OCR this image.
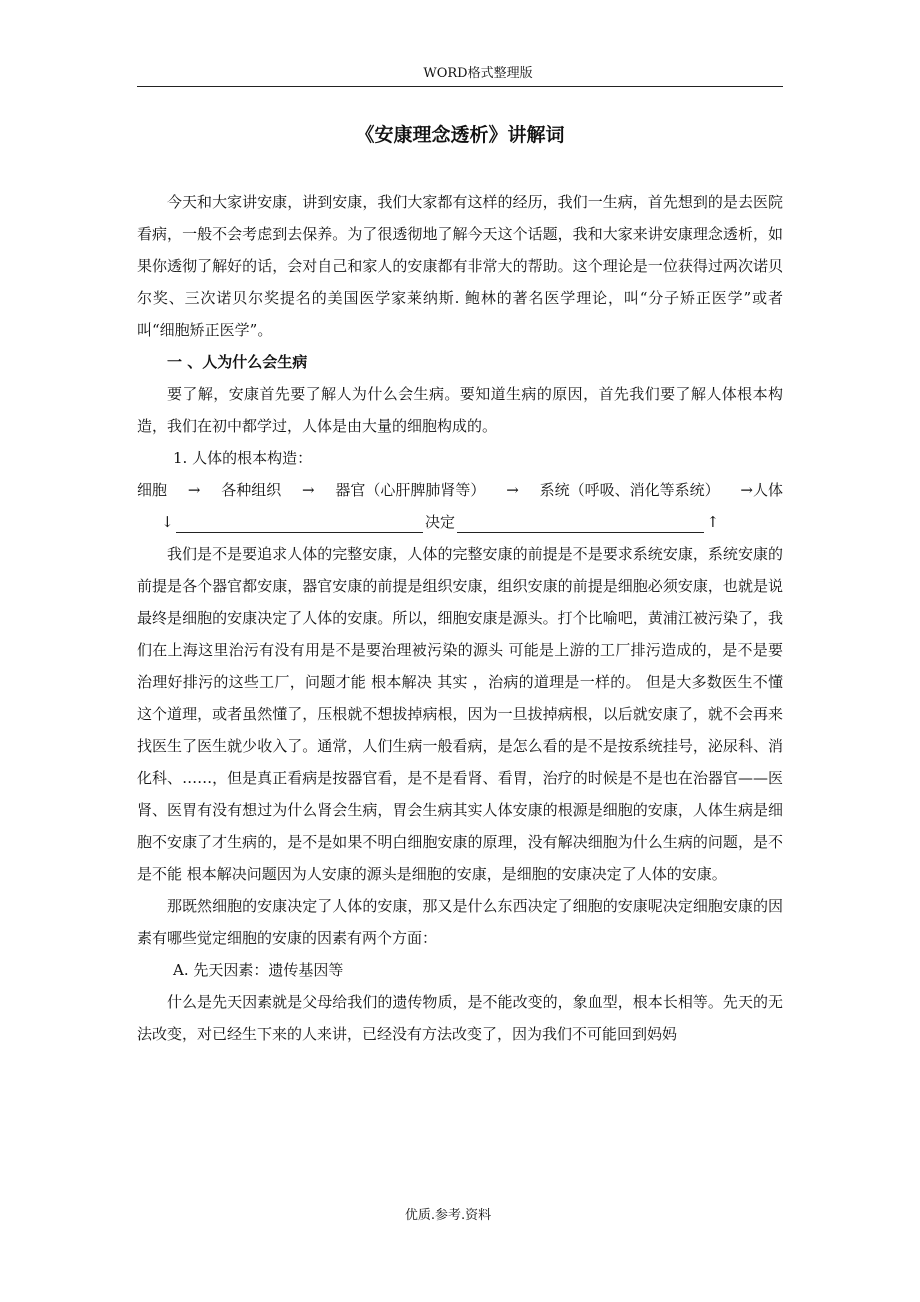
WORD格式整理版
《安康理念透析》讲解词

今天和大家讲安康，讲到安康，我们大家都有这样的经历，我们一生病，首先想到的是去医院看病，一般不会考虑到去保养。为了很透彻地了解今天这个话题，我和大家来讲安康理念透析，如果你透彻了解好的话，会对自己和家人的安康都有非常大的帮助。这个理论是一位获得过两次诺贝尔奖、三次诺贝尔奖提名的美国医学家莱纳斯. 鲍林的著名医学理论，叫“分子矫正医学”或者叫“细胞矫正医学”。

一 、人为什么会生病

要了解，安康首先要了解人为什么会生病。要知道生病的原因，首先我们要了解人体根本构造，我们在初中都学过，人体是由大量的细胞构成的。

1. 人体的根本构造：

细胞 → 各种组织 → 器官（心肝脾肺肾等） → 系统（呼吸、消化等系统） →人体
↓	决定	↑

我们是不是要追求人体的完整安康，人体的完整安康的前提是不是要求系统安康，系统安康的前提是各个器官都安康，器官安康的前提是组织安康，组织安康的前提是细胞必须安康，也就是说最终是细胞的安康决定了人体的安康。所以，细胞安康是源头。打个比喻吧，黄浦江被污染了，我们在上海这里治污有没有用是不是要治理被污染的源头 可能是上游的工厂排污造成的，是不是要治理好排污的这些工厂，问题才能 根本解决 其实 ，治病的道理是一样的。 但是大多数医生不懂这个道理，或者虽然懂了，压根就不想拔掉病根，因为一旦拔掉病根，以后就安康了，就不会再来找医生了医生就少收入了。通常，人们生病一般看病，是怎么看的是不是按系统挂号，泌尿科、消化科、……，但是真正看病是按器官看，是不是看肾、看胃，治疗的时候是不是也在治器官——医肾、医胃有没有想过为什么肾会生病，胃会生病其实人体安康的根源是细胞的安康，人体生病是细胞不安康了才生病的，是不是如果不明白细胞安康的原理，没有解决细胞为什么生病的问题，是不是不能 根本解决问题因为人安康的源头是细胞的安康，是细胞的安康决定了人体的安康。

那既然细胞的安康决定了人体的安康，那又是什么东西决定了细胞的安康呢决定细胞安康的因素有哪些觉定细胞的安康的因素有两个方面：

A. 先天因素：遗传基因等

什么是先天因素就是父母给我们的遗传物质，是不能改变的，象血型，根本长相等。先天的无法改变，对已经生下来的人来讲，已经没有方法改变了，因为我们不可能回到妈妈

优质.参考.资料
